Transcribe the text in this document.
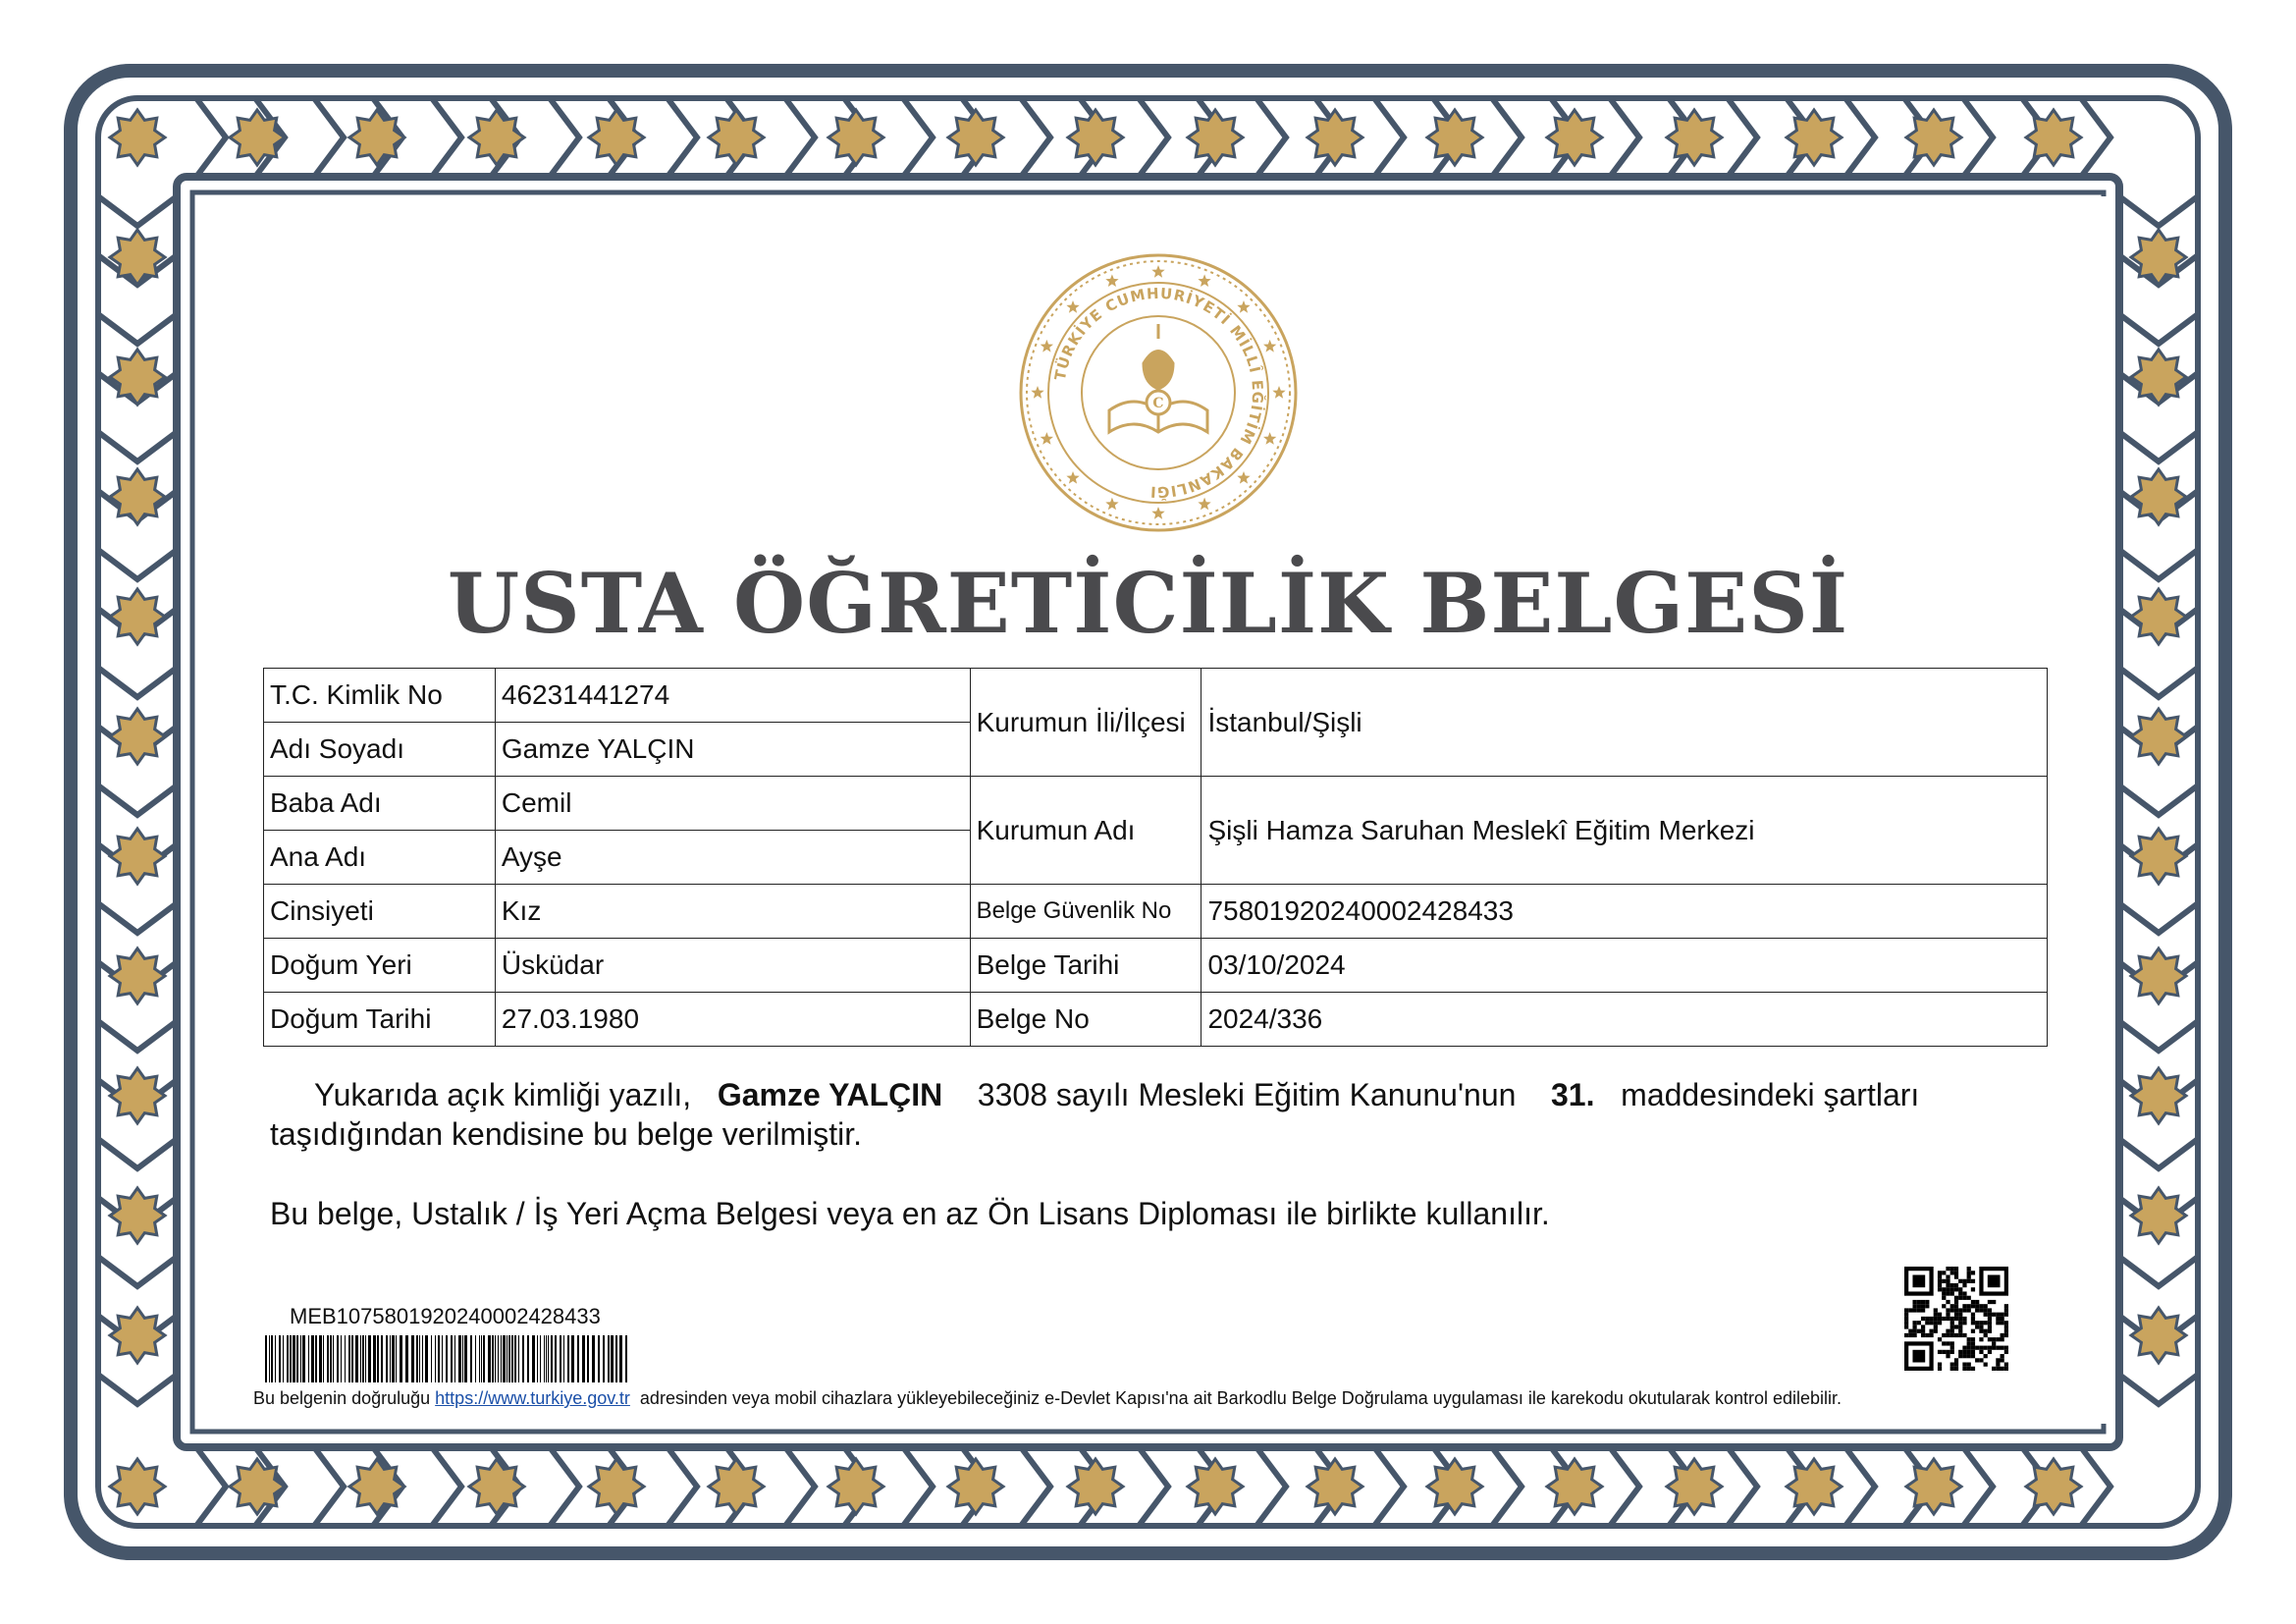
TÜRKİYE CUMHURİYETİ MİLLÎ EĞİTİM BAKANLIĞI
C
USTA ÖĞRETİCİLİK BELGESİ
T.C. Kimlik No	46231441274	Kurumun İli/İlçesi	İstanbul/Şişli
Adı Soyadı	Gamze YALÇIN		
Baba Adı	Cemil	Kurumun Adı	Şişli Hamza Saruhan Meslekî Eğitim Merkezi
Ana Adı	Ayşe		
Cinsiyeti	Kız	Belge Güvenlik No	75801920240002428433
Doğum Yeri	Üsküdar	Belge Tarihi	03/10/2024
Doğum Tarihi	27.03.1980	Belge No	2024/336
Yukarıda açık kimliği yazılı, Gamze YALÇIN 3308 sayılı Mesleki Eğitim Kanunu'nun 31. maddesindeki şartları taşıdığından kendisine bu belge verilmiştir.
Bu belge, Ustalık / İş Yeri Açma Belgesi veya en az Ön Lisans Diploması ile birlikte kullanılır.
MEB1075801920240002428433
Bu belgenin doğruluğu https://www.turkiye.gov.tr adresinden veya mobil cihazlara yükleyebileceğiniz e-Devlet Kapısı'na ait Barkodlu Belge Doğrulama uygulaması ile karekodu okutularak kontrol edilebilir.
